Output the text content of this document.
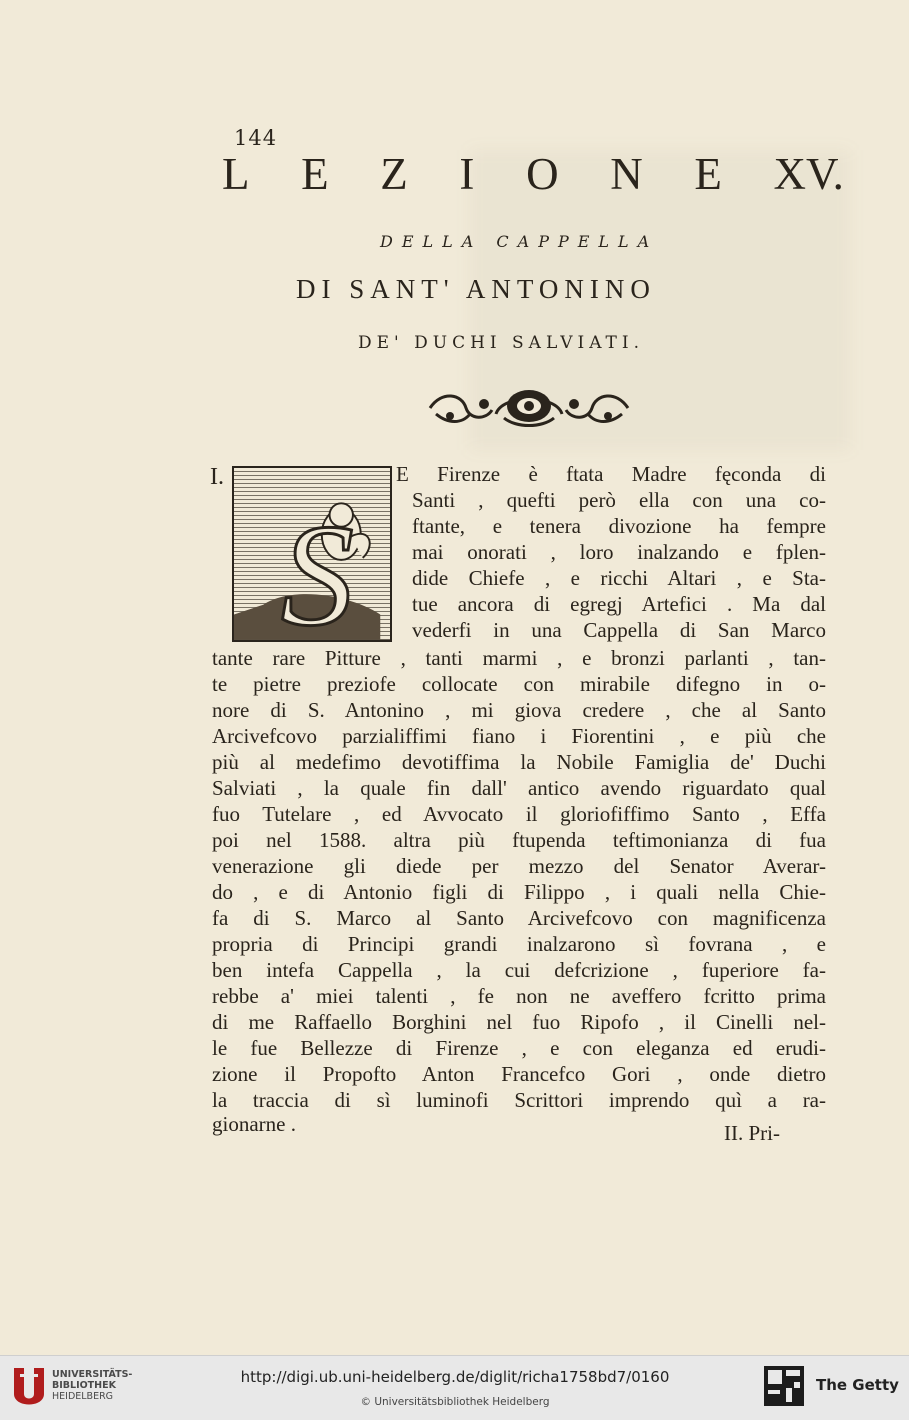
144
L E Z I O N E XV.
DELLA CAPPELLA
DI SANT' ANTONINO
DE' DUCHI SALVIATI.
I.
S
E Firenze è ftata Madre fęconda di
Santi , quefti però ella con una co-
ftante, e tenera divozione ha fempre
mai onorati , loro inalzando e fplen-
dide Chiefe , e ricchi Altari , e Sta-
tue ancora di egregj Artefici . Ma dal
vederfi in una Cappella di San Marco
tante rare Pitture , tanti marmi , e bronzi parlanti , tan-
te pietre preziofe collocate con mirabile difegno in o-
nore di S. Antonino , mi giova credere , che al Santo
Arcivefcovo parzialiffimi fiano i Fiorentini , e più che
più al medefimo devotiffima la Nobile Famiglia de' Duchi
Salviati , la quale fin dall' antico avendo riguardato qual
fuo Tutelare , ed Avvocato il gloriofiffimo Santo , Effa
poi nel 1588. altra più ftupenda teftimonianza di fua
venerazione gli diede per mezzo del Senator Averar-
do , e di Antonio figli di Filippo , i quali nella Chie-
fa di S. Marco al Santo Arcivefcovo con magnificenza
propria di Principi grandi inalzarono sì fovrana , e
ben intefa Cappella , la cui defcrizione , fuperiore fa-
rebbe a' miei talenti , fe non ne aveffero fcritto prima
di me Raffaello Borghini nel fuo Ripofo , il Cinelli nel-
le fue Bellezze di Firenze , e con eleganza ed erudi-
zione il Propofto Anton Francefco Gori , onde dietro
la traccia di sì luminofi Scrittori imprendo quì a ra-
gionarne .	II. Pri-
UNIVERSITÄTS-
BIBLIOTHEK
HEIDELBERG
http://digi.ub.uni-heidelberg.de/diglit/richa1758bd7/0160
© Universitätsbibliothek Heidelberg
The Getty
